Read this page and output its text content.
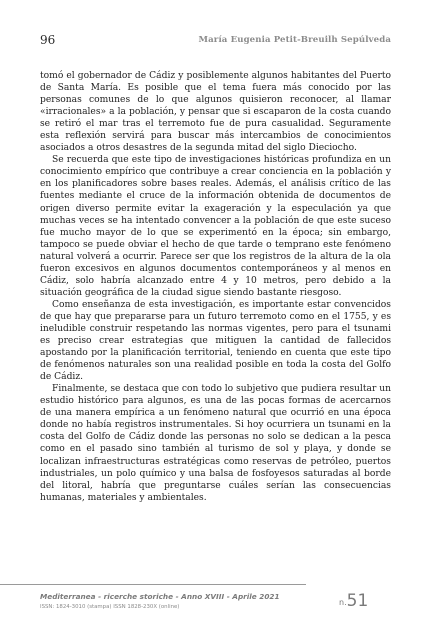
96	María Eugenia Petit-Breuilh Sepúlveda

tomó el gobernador de Cádiz y posiblemente algunos habitantes del Puerto de Santa María. Es posible que el tema fuera más conocido por las personas comunes de lo que algunos quisieron reconocer, al llamar «irracionales» a la población, y pensar que si escaparon de la costa cuando se retiró el mar tras el terremoto fue de pura casualidad. Seguramente esta reflexión servirá para buscar más intercambios de conocimientos asociados a otros desastres de la segunda mitad del siglo Dieciocho.

Se recuerda que este tipo de investigaciones históricas profundiza en un conocimiento empírico que contribuye a crear conciencia en la población y en los planificadores sobre bases reales. Además, el análisis crítico de las fuentes mediante el cruce de la información obtenida de documentos de origen diverso permite evitar la exageración y la especulación ya que muchas veces se ha intentado convencer a la población de que este suceso fue mucho mayor de lo que se experimentó en la época; sin embargo, tampoco se puede obviar el hecho de que tarde o temprano este fenómeno natural volverá a ocurrir. Parece ser que los registros de la altura de la ola fueron excesivos en algunos documentos contemporáneos y al menos en Cádiz, solo habría alcanzado entre 4 y 10 metros, pero debido a la situación geográfica de la ciudad sigue siendo bastante riesgoso.

Como enseñanza de esta investigación, es importante estar convencidos de que hay que prepararse para un futuro terremoto como en el 1755, y es ineludible construir respetando las normas vigentes, pero para el tsunami es preciso crear estrategias que mitiguen la cantidad de fallecidos apostando por la planificación territorial, teniendo en cuenta que este tipo de fenómenos naturales son una realidad posible en toda la costa del Golfo de Cádiz.

Finalmente, se destaca que con todo lo subjetivo que pudiera resultar un estudio histórico para algunos, es una de las pocas formas de acercarnos de una manera empírica a un fenómeno natural que ocurrió en una época donde no había registros instrumentales. Si hoy ocurriera un tsunami en la costa del Golfo de Cádiz donde las personas no solo se dedican a la pesca como en el pasado sino también al turismo de sol y playa, y donde se localizan infraestructuras estratégicas como reservas de petróleo, puertos industriales, un polo químico y una balsa de fosfoyesos saturadas al borde del litoral, habría que preguntarse cuáles serían las consecuencias humanas, materiales y ambientales.

Mediterranea - ricerche storiche - Anno XVIII - Aprile 2021
ISSN: 1824-3010 (stampa) ISSN 1828-230X (online)	n.51
